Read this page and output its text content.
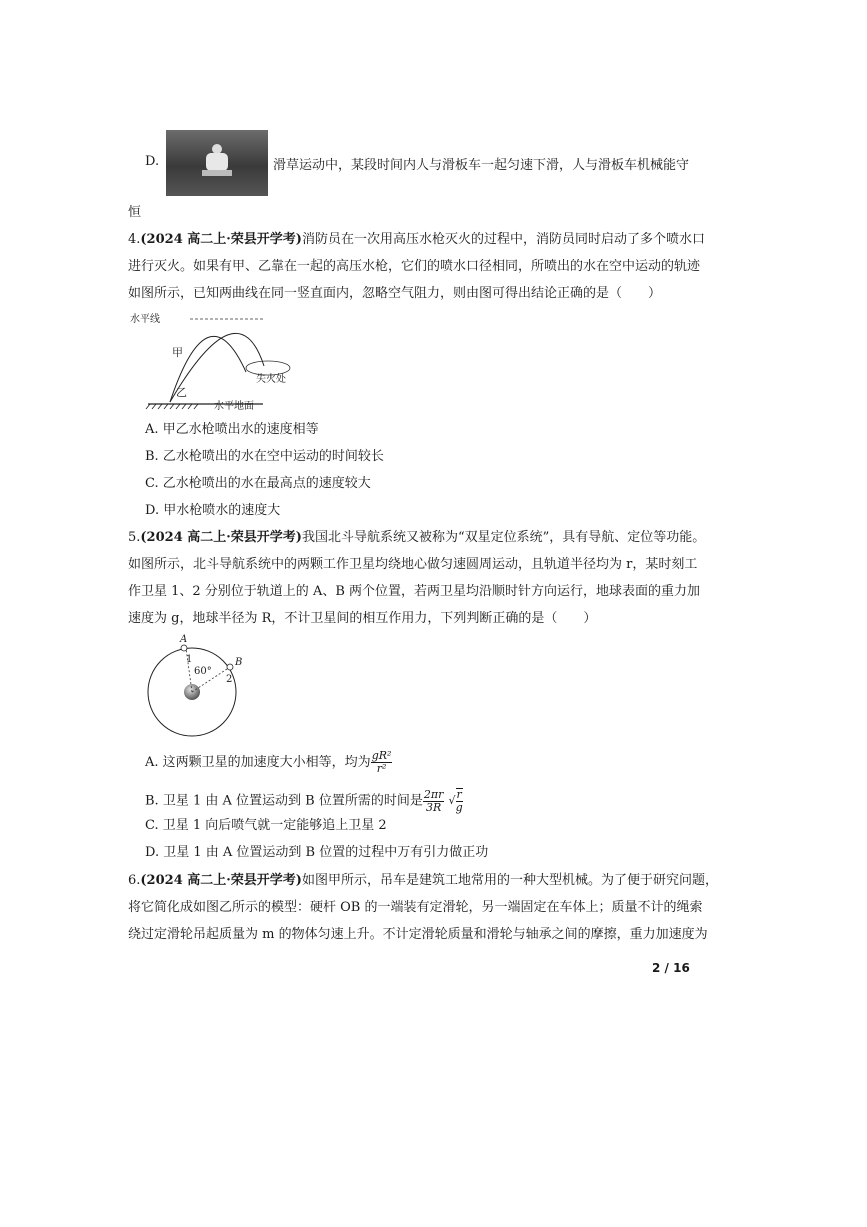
D.	滑草运动中，某段时间内人与滑板车一起匀速下滑，人与滑板车机械能守
恒
4.(2024 高二上·荣县开学考)消防员在一次用高压水枪灭火的过程中，消防员同时启动了多个喷水口
进行灭火。如果有甲、乙靠在一起的高压水枪，它们的喷水口径相同，所喷出的水在空中运动的轨迹
如图所示，已知两曲线在同一竖直面内，忽略空气阻力，则由图可得出结论正确的是（　　）
水平线
甲
乙
失火处
水平地面
A. 甲乙水枪喷出水的速度相等
B. 乙水枪喷出的水在空中运动的时间较长
C. 乙水枪喷出的水在最高点的速度较大
D. 甲水枪喷水的速度大
5.(2024 高二上·荣县开学考)我国北斗导航系统又被称为“双星定位系统”，具有导航、定位等功能。
如图所示，北斗导航系统中的两颗工作卫星均绕地心做匀速圆周运动，且轨道半径均为 r，某时刻工
作卫星 1、2 分别位于轨道上的 A、B 两个位置，若两卫星均沿顺时针方向运行，地球表面的重力加
速度为 g，地球半径为 R，不计卫星间的相互作用力，下列判断正确的是（　　）
A
B
1
2
60°
A. 这两颗卫星的加速度大小相等，均为 $\frac{\text{gR²}}{\text{r²}}$
B. 卫星 1 由 A 位置运动到 B 位置所需的时间是 $\frac{2\pi r}{3R}$ √ $\frac{r}{g}$
C. 卫星 1 向后喷气就一定能够追上卫星 2
D. 卫星 1 由 A 位置运动到 B 位置的过程中万有引力做正功
6.(2024 高二上·荣县开学考)如图甲所示，吊车是建筑工地常用的一种大型机械。为了便于研究问题，
将它简化成如图乙所示的模型：硬杆 OB 的一端装有定滑轮，另一端固定在车体上；质量不计的绳索
绕过定滑轮吊起质量为 m 的物体匀速上升。不计定滑轮质量和滑轮与轴承之间的摩擦，重力加速度为
2 / 16
